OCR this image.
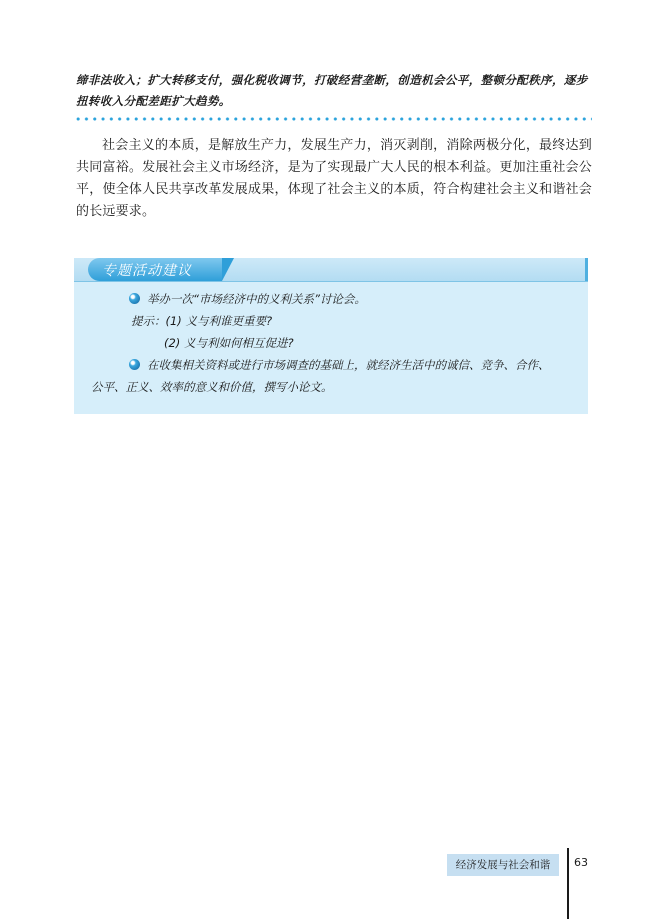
缔非法收入；扩大转移支付，强化税收调节，打破经营垄断，创造机会公平，整顿分配秩序，逐步扭转收入分配差距扩大趋势。

社会主义的本质，是解放生产力，发展生产力，消灭剥削，消除两极分化，最终达到共同富裕。发展社会主义市场经济，是为了实现最广大人民的根本利益。更加注重社会公平，使全体人民共享改革发展成果，体现了社会主义的本质，符合构建社会主义和谐社会的长远要求。

专题活动建议
举办一次“市场经济中的义利关系”讨论会。
提示：(1) 义与利谁更重要?
(2) 义与利如何相互促进?
在收集相关资料或进行市场调查的基础上，就经济生活中的诚信、竞争、合作、
公平、正义、效率的意义和价值，撰写小论文。
经济发展与社会和谐	63
